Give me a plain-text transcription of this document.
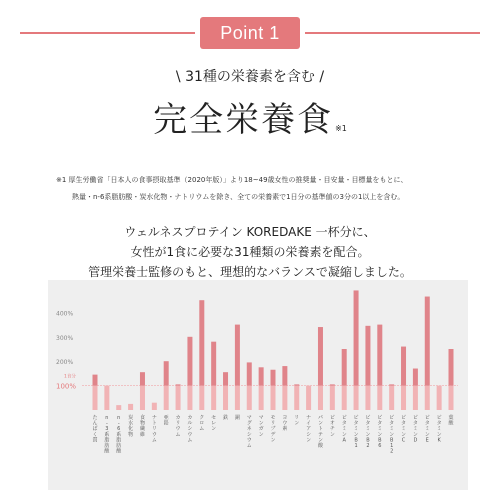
Point 1
\ 31種の栄養素を含む /
完全栄養食 ※1
※1 厚生労働省「日本人の食事摂取基準（2020年版）」より18~49歳女性の推奨量・目安量・目標量をもとに、
熱量・n-6系脂肪酸・炭水化物・ナトリウムを除き、全ての栄養素で1日分の基準値の3分の1以上を含む。
ウェルネスプロテイン KOREDAKE 一杯分に、
女性が1食に必要な31種類の栄養素を配合。
管理栄養士監修のもと、理想的なバランスで凝縮しました。
400%
300%
200%
1食分
100%
た
ん
ぱ
く
質
n
-
3
系
脂
肪
酸
n
-
6
系
脂
肪
酸
炭
水
化
物
食
物
繊
維
ナ
ト
リ
ウ
ム
亜
鉛
カ
リ
ウ
ム
カ
ル
シ
ウ
ム
ク
ロ
ム
セ
レ
ン
鉄 銅 マ
グ
ネ
シ
ウ
ム
マ
ン
ガ
ン
モ
リ
ブ
デ
ン
ヨ
ウ
素
リ
ン
ナ
イ
ア
シ
ン
パ
ン
ト
テ
ン
酸
ビ
オ
チ
ン
ビ
タ
ミ
ン
A
ビ
タ
ミ
ン
B
1
ビ
タ
ミ
ン
B
2
ビ
タ
ミ
ン
B
6
ビ
タ
ミ
ン
B
1
2
ビ
タ
ミ
ン
C
ビ
タ
ミ
ン
D
ビ
タ
ミ
ン
E
ビ
タ
ミ
ン
K
葉
酸
